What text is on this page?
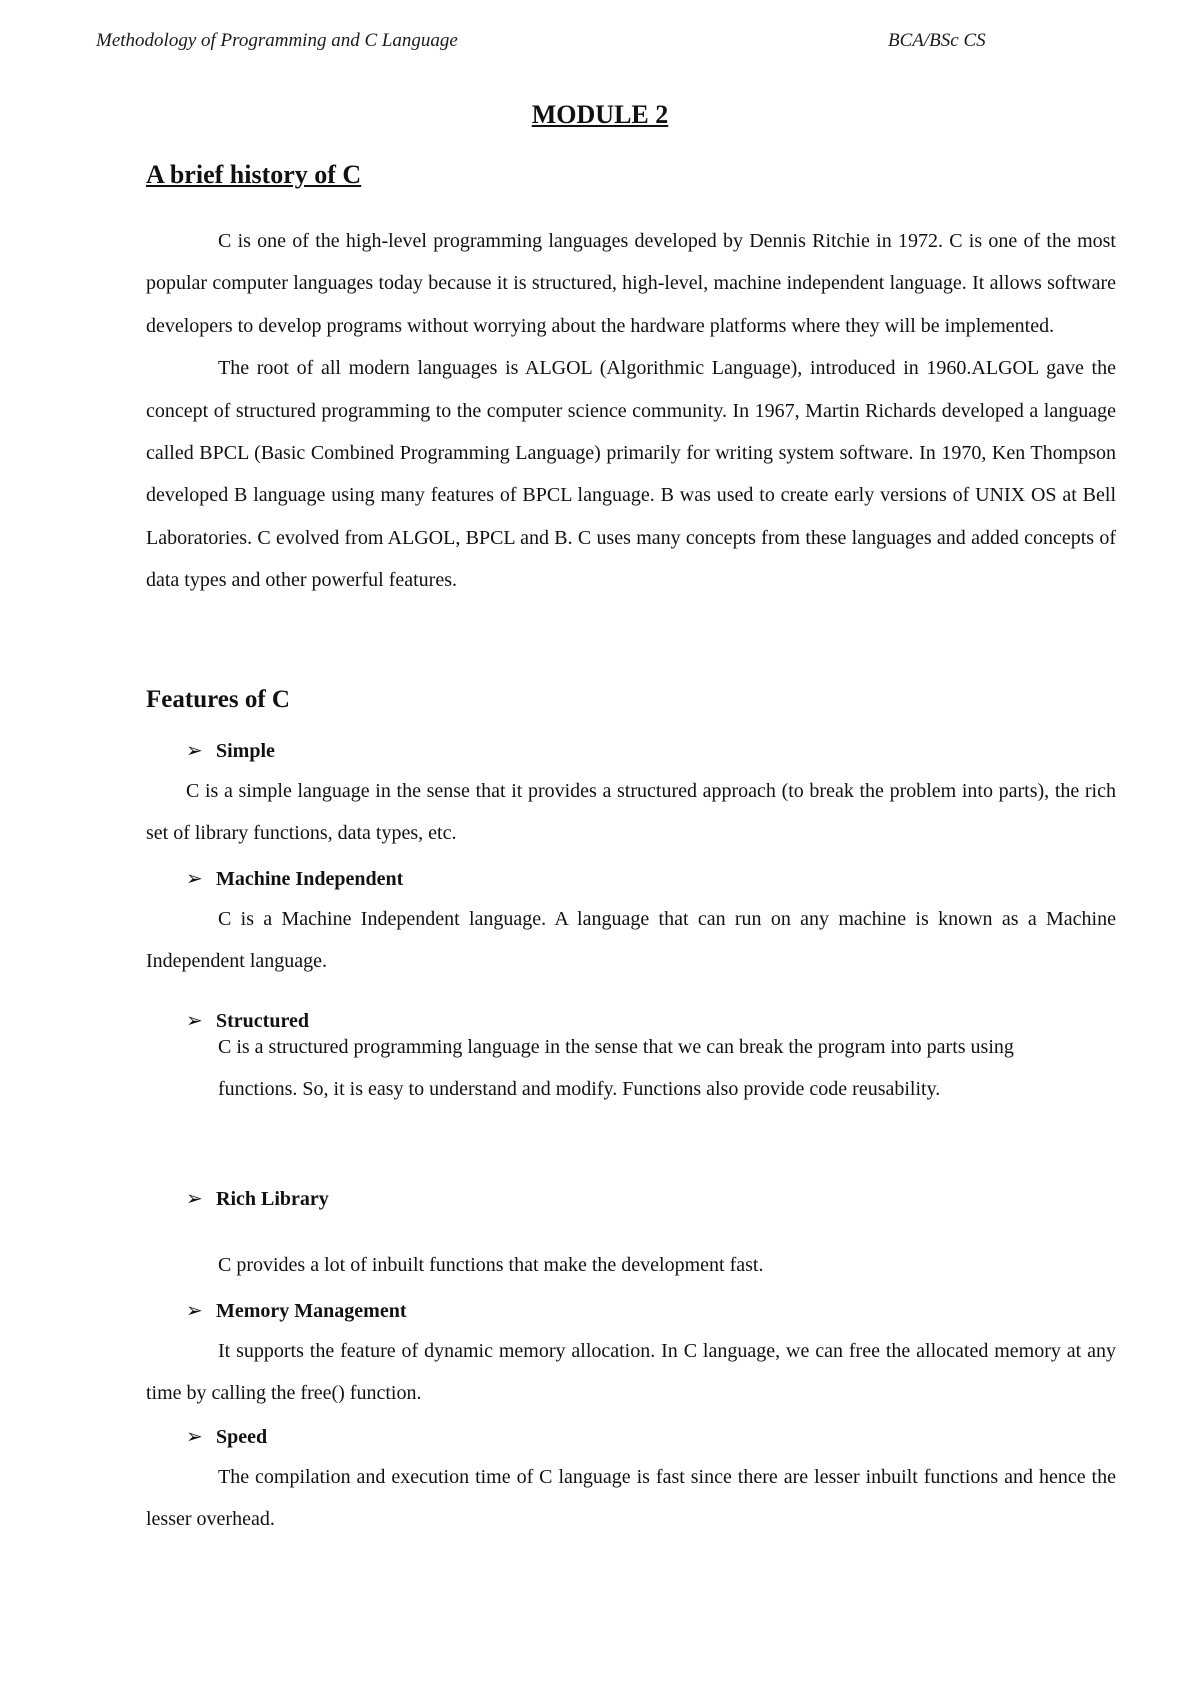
Methodology of Programming and C Language	BCA/BSc CS
MODULE 2
A brief history of C

C is one of the high-level programming languages developed by Dennis Ritchie in 1972. C is one of the most popular computer languages today because it is structured, high-level, machine independent language. It allows software developers to develop programs without worrying about the hardware platforms where they will be implemented.

The root of all modern languages is ALGOL (Algorithmic Language), introduced in 1960.ALGOL gave the concept of structured programming to the computer science community. In 1967, Martin Richards developed a language called BPCL (Basic Combined Programming Language) primarily for writing system software. In 1970, Ken Thompson developed B language using many features of BPCL language. B was used to create early versions of UNIX OS at Bell Laboratories. C evolved from ALGOL, BPCL and B. C uses many concepts from these languages and added concepts of data types and other powerful features.

Features of C
➢ Simple

C is a simple language in the sense that it provides a structured approach (to break the problem into parts), the rich set of library functions, data types, etc.

➢ Machine Independent

C is a Machine Independent language. A language that can run on any machine is known as a Machine Independent language.

➢ Structured

C is a structured programming language in the sense that we can break the program into parts using functions. So, it is easy to understand and modify. Functions also provide code reusability.

➢ Rich Library

C provides a lot of inbuilt functions that make the development fast.

➢ Memory Management

It supports the feature of dynamic memory allocation. In C language, we can free the allocated memory at any time by calling the free() function.

➢ Speed

The compilation and execution time of C language is fast since there are lesser inbuilt functions and hence the lesser overhead.
